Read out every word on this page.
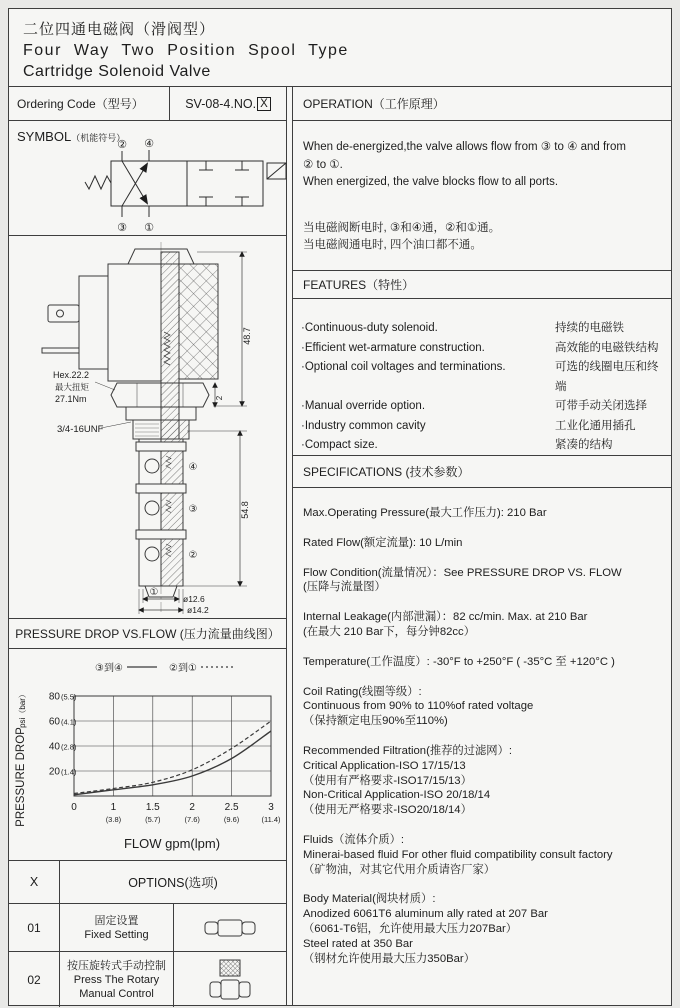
二位四通电磁阀（滑阀型）
Four Way Two Position Spool Type
Cartridge Solenoid Valve
Ordering Code（型号）	SV-08-4.NO. X
SYMBOL（机能符号）
② ④
③ ①
48.7
2
54.8
ø12.6
ø14.2
Hex.22.2
最大扭矩
27.1Nm
3/4-16UNF
④
③
②
①
PRESSURE DROP VS.FLOW (压力流量曲线图）
③到④	②到①
80 (5.5)
60 (4.1)
40 (2.8)
20 (1.4)
0	1	1.5	2	2.5	3
(3.8)	(5.7)	(7.6)	(9.6)	(11.4)
FLOW gpm(lpm)
PRESSURE DROP
psi（bar）
X	OPTIONS(选项)
01	固定设置
Fixed Setting
02
按压旋转式手动控制
Press The Rotary
Manual Control
OPERATION（工作原理）
When de-energized,the valve allows flow from ③ to ④ and from
② to ①.
When energized, the valve blocks flow to all ports.
当电磁阀断电时, ③和④通，②和①通。
当电磁阀通电时, 四个油口都不通。
FEATURES（特性）
·Continuous-duty solenoid.	持续的电磁铁
·Efficient wet-armature construction.	高效能的电磁铁结构
·Optional coil voltages and terminations.	可选的线圈电压和终端
·Manual override option.	可带手动关闭选择
·Industry common cavity	工业化通用插孔
·Compact size.	紧凑的结构
SPECIFICATIONS (技术参数）
Max.Operating Pressure(最大工作压力): 210 Bar
Rated Flow(额定流量): 10 L/min
Flow Condition(流量情况）：See PRESSURE DROP VS. FLOW
(压降与流量图）
Internal Leakage(内部泄漏）：82 cc/min. Max. at 210 Bar
(在最大 210 Bar下，每分钟82cc）
Temperature(工作温度）: -30°F to +250°F ( -35°C 至 +120°C )
Coil Rating(线圈等级）:
Continuous from 90% to 110%of rated voltage
（保持额定电压90%至110%)
Recommended Filtration(推荐的过滤网）:
Critical Application-ISO 17/15/13
（使用有严格要求-ISO17/15/13）
Non-Critical Application-ISO 20/18/14
（使用无严格要求-ISO20/18/14）
Fluids（流体介质）:
Minerai-based fluid For other fluid compatibility consult factory
（矿物油，对其它代用介质请咨厂家）
Body Material(阀块材质）:
Anodized 6061T6 aluminum ally rated at 207 Bar
（6061-T6铝，允许使用最大压力207Bar）
Steel rated at 350 Bar
（钢材允许使用最大压力350Bar）
